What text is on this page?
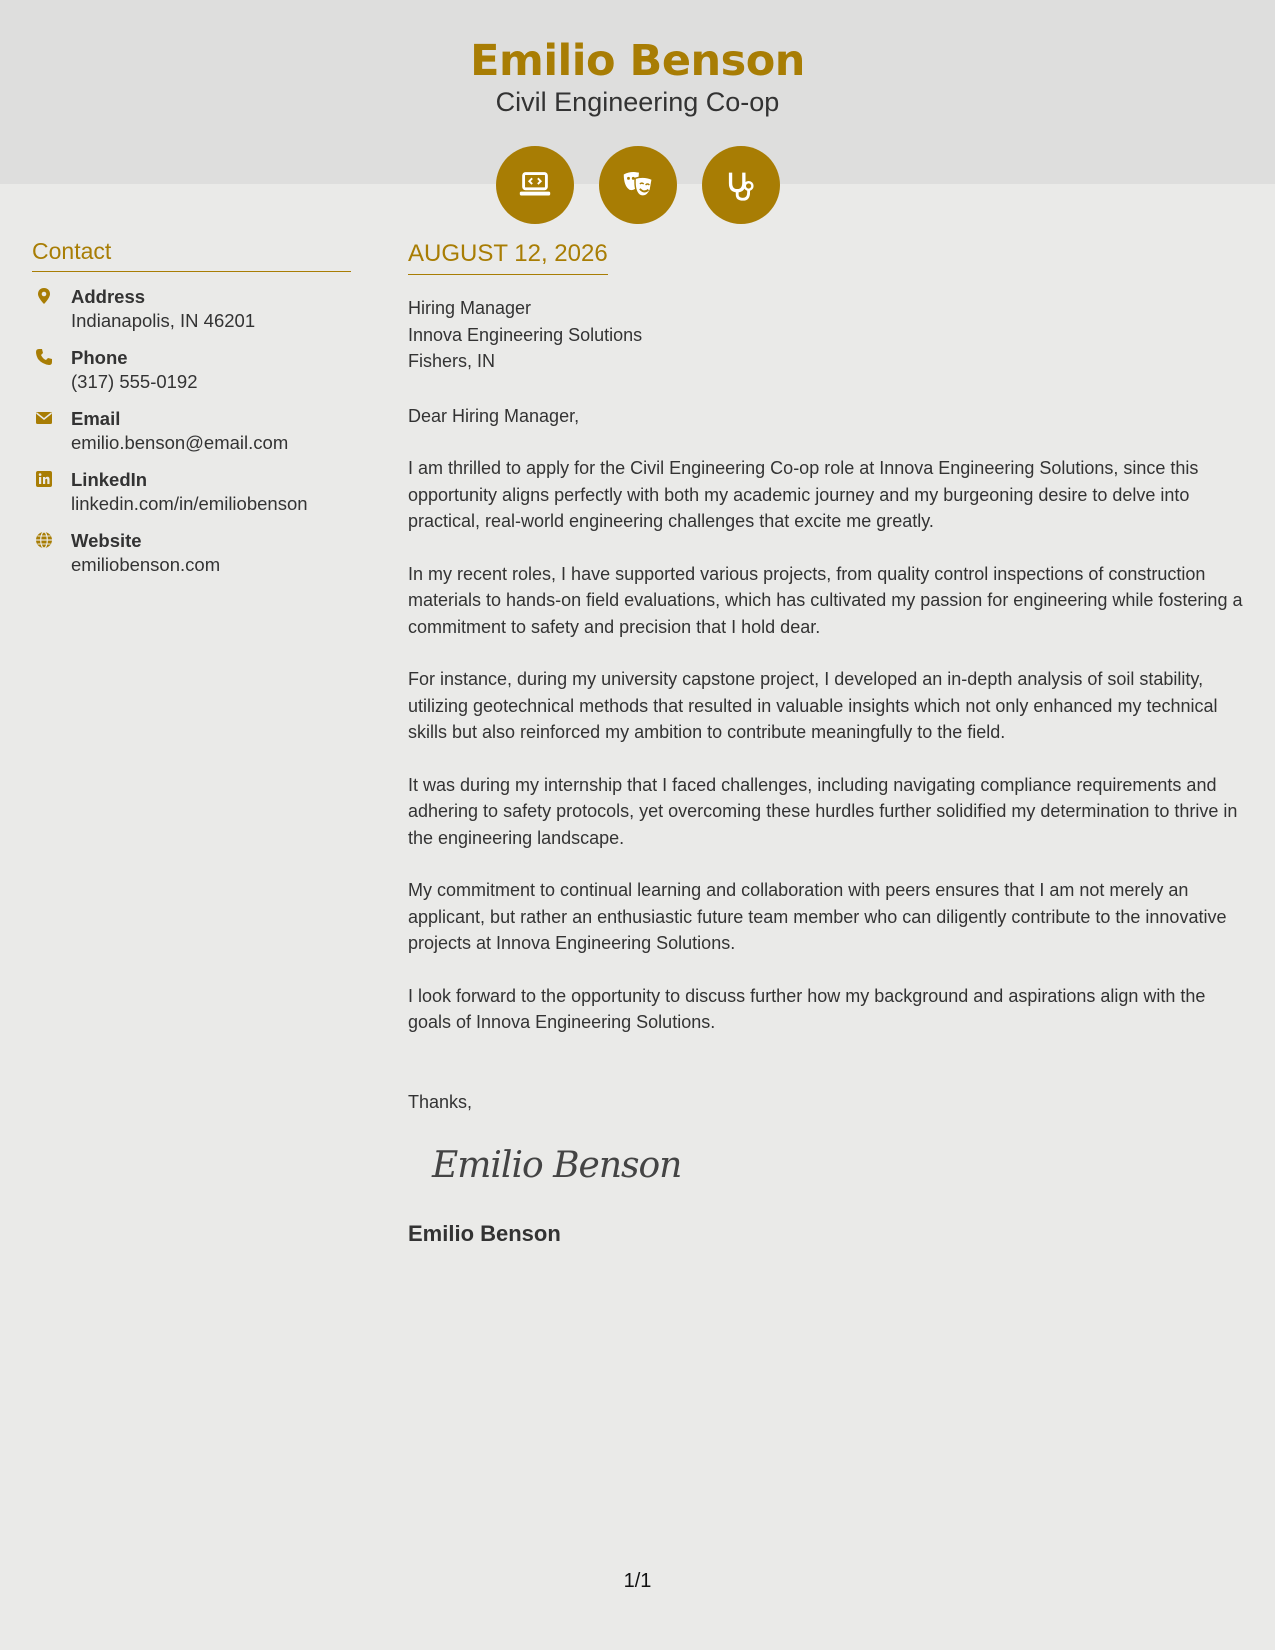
Emilio Benson
Civil Engineering Co-op
Contact
Address
Indianapolis, IN 46201
Phone
(317) 555-0192
Email
emilio.benson@email.com
LinkedIn
linkedin.com/in/emiliobenson
Website
emiliobenson.com
AUGUST 12, 2026
Hiring Manager
Innova Engineering Solutions
Fishers, IN
Dear Hiring Manager,
I am thrilled to apply for the Civil Engineering Co-op role at Innova Engineering Solutions, since this opportunity aligns perfectly with both my academic journey and my burgeoning desire to delve into practical, real-world engineering challenges that excite me greatly.
In my recent roles, I have supported various projects, from quality control inspections of construction materials to hands-on field evaluations, which has cultivated my passion for engineering while fostering a commitment to safety and precision that I hold dear.
For instance, during my university capstone project, I developed an in-depth analysis of soil stability, utilizing geotechnical methods that resulted in valuable insights which not only enhanced my technical skills but also reinforced my ambition to contribute meaningfully to the field.
It was during my internship that I faced challenges, including navigating compliance requirements and adhering to safety protocols, yet overcoming these hurdles further solidified my determination to thrive in the engineering landscape.
My commitment to continual learning and collaboration with peers ensures that I am not merely an applicant, but rather an enthusiastic future team member who can diligently contribute to the innovative projects at Innova Engineering Solutions.
I look forward to the opportunity to discuss further how my background and aspirations align with the goals of Innova Engineering Solutions.
Thanks,
Emilio Benson
Emilio Benson
1/1
